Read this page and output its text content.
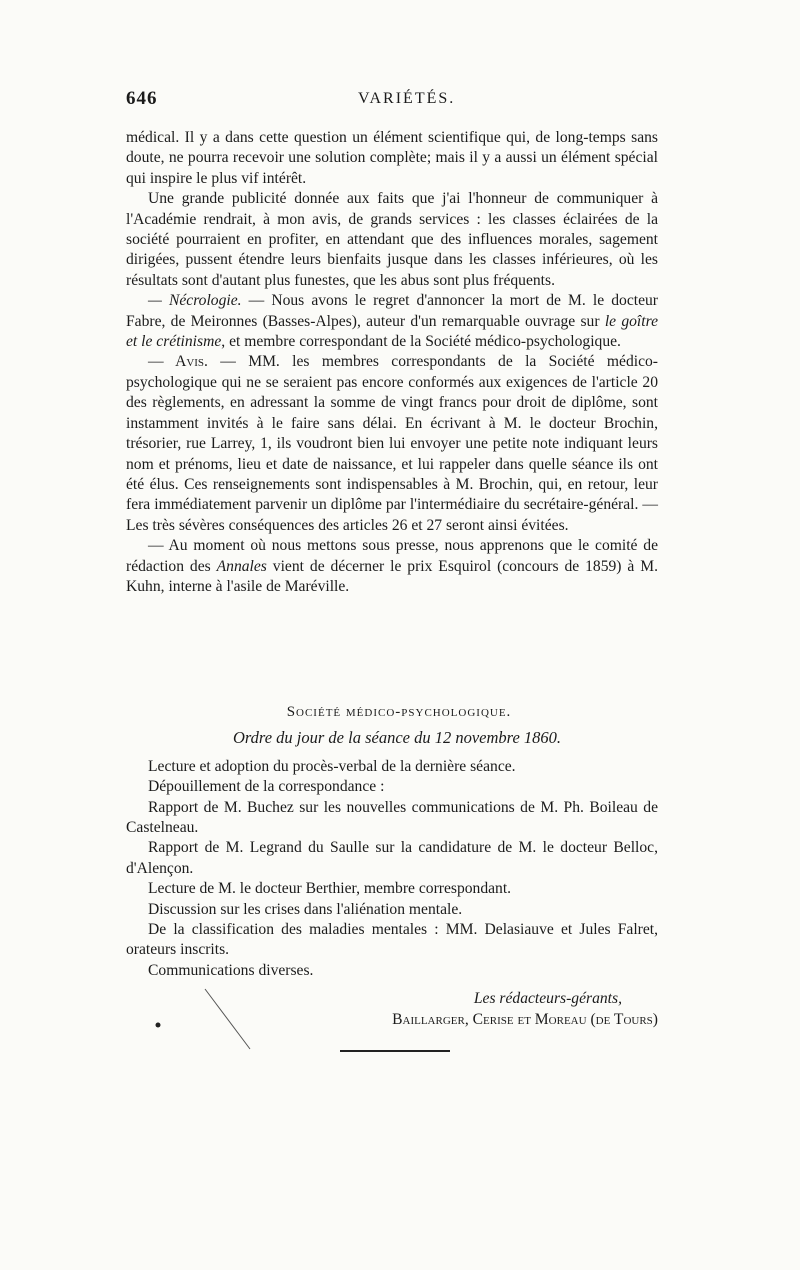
646	VARIÉTÉS.

médical. Il y a dans cette question un élément scientifique qui, de long-temps sans doute, ne pourra recevoir une solution complète; mais il y a aussi un élément spécial qui inspire le plus vif intérêt.

Une grande publicité donnée aux faits que j'ai l'honneur de communiquer à l'Académie rendrait, à mon avis, de grands services : les classes éclairées de la société pourraient en profiter, en attendant que des influences morales, sagement dirigées, pussent étendre leurs bienfaits jusque dans les classes inférieures, où les résultats sont d'autant plus funestes, que les abus sont plus fréquents.

— Nécrologie. — Nous avons le regret d'annoncer la mort de M. le docteur Fabre, de Meironnes (Basses-Alpes), auteur d'un remarquable ouvrage sur le goître et le crétinisme, et membre correspondant de la Société médico-psychologique.

— Avis. — MM. les membres correspondants de la Société médico-psychologique qui ne se seraient pas encore conformés aux exigences de l'article 20 des règlements, en adressant la somme de vingt francs pour droit de diplôme, sont instamment invités à le faire sans délai. En écrivant à M. le docteur Brochin, trésorier, rue Larrey, 1, ils voudront bien lui envoyer une petite note indiquant leurs nom et prénoms, lieu et date de naissance, et lui rappeler dans quelle séance ils ont été élus. Ces renseignements sont indispensables à M. Brochin, qui, en retour, leur fera immédiatement parvenir un diplôme par l'intermédiaire du secrétaire-général. — Les très sévères conséquences des articles 26 et 27 seront ainsi évitées.

— Au moment où nous mettons sous presse, nous apprenons que le comité de rédaction des Annales vient de décerner le prix Esquirol (concours de 1859) à M. Kuhn, interne à l'asile de Maréville.

Société médico-psychologique.
Ordre du jour de la séance du 12 novembre 1860.
Lecture et adoption du procès-verbal de la dernière séance.
Dépouillement de la correspondance :
Rapport de M. Buchez sur les nouvelles communications de M. Ph. Boileau de Castelneau.
Rapport de M. Legrand du Saulle sur la candidature de M. le docteur Belloc, d'Alençon.
Lecture de M. le docteur Berthier, membre correspondant.
Discussion sur les crises dans l'aliénation mentale.
De la classification des maladies mentales : MM. Delasiauve et Jules Falret, orateurs inscrits.
Communications diverses.
Les rédacteurs-gérants,
Baillarger, Cerise et Moreau (de Tours)
